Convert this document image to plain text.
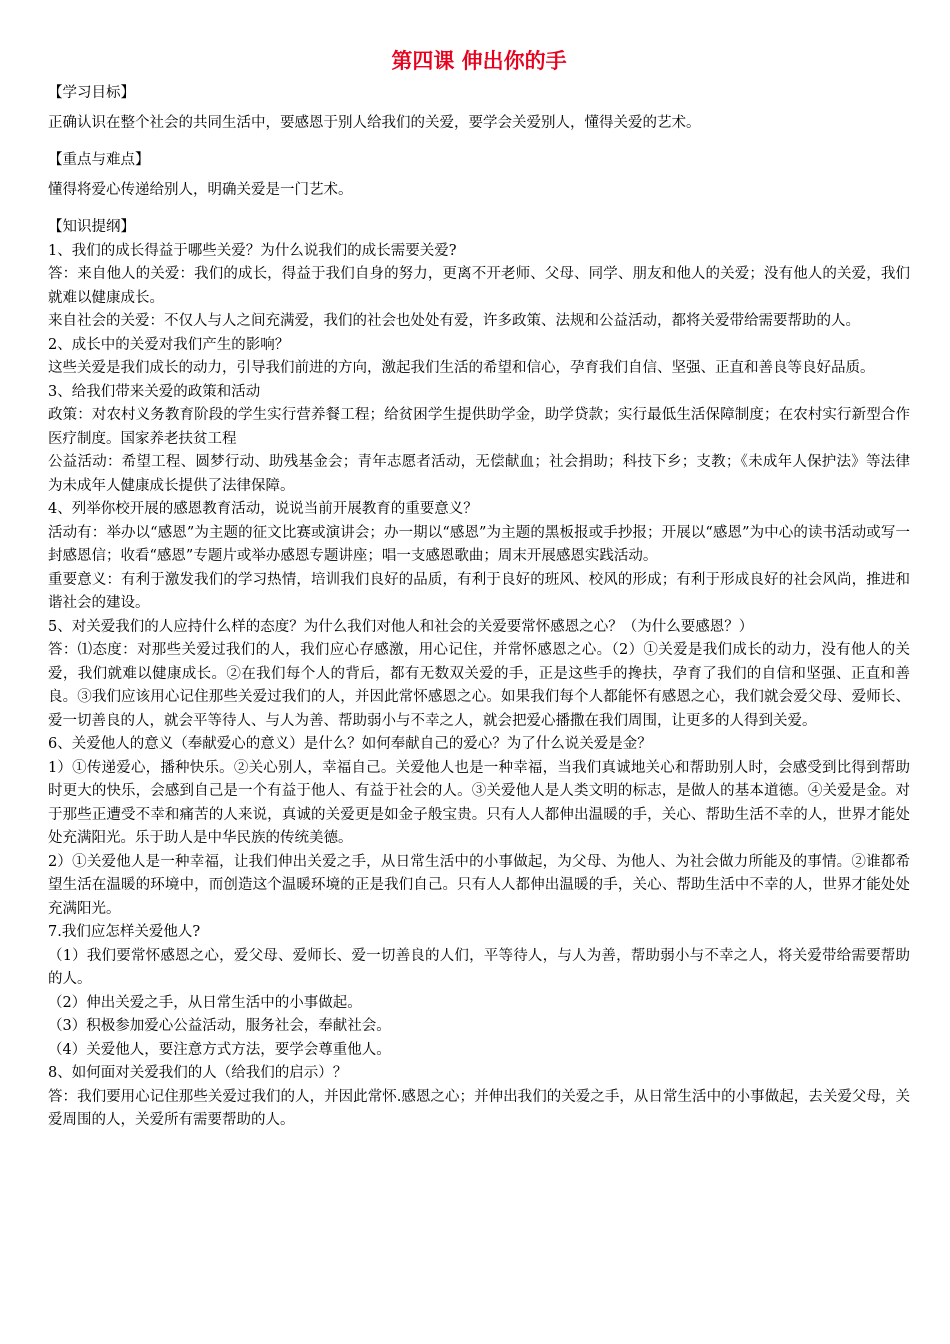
第四课 伸出你的手

【学习目标】

正确认识在整个社会的共同生活中，要感恩于别人给我们的关爱，要学会关爱别人，懂得关爱的艺术。

【重点与难点】

懂得将爱心传递给别人，明确关爱是一门艺术。

【知识提纲】

1、我们的成长得益于哪些关爱？为什么说我们的成长需要关爱?

答：来自他人的关爱：我们的成长，得益于我们自身的努力，更离不开老师、父母、同学、朋友和他人的关爱；没有他人的关爱，我们就难以健康成长。

来自社会的关爱：不仅人与人之间充满爱，我们的社会也处处有爱，许多政策、法规和公益活动，都将关爱带给需要帮助的人。

2、成长中的关爱对我们产生的影响？

这些关爱是我们成长的动力，引导我们前进的方向，激起我们生活的希望和信心，孕育我们自信、坚强、正直和善良等良好品质。

3、给我们带来关爱的政策和活动

政策：对农村义务教育阶段的学生实行营养餐工程；给贫困学生提供助学金，助学贷款；实行最低生活保障制度；在农村实行新型合作医疗制度。国家养老扶贫工程

公益活动：希望工程、圆梦行动、助残基金会；青年志愿者活动，无偿献血；社会捐助；科技下乡；支教；《未成年人保护法》等法律为未成年人健康成长提供了法律保障。

4、列举你校开展的感恩教育活动，说说当前开展教育的重要意义？

活动有：举办以“感恩”为主题的征文比赛或演讲会；办一期以“感恩”为主题的黑板报或手抄报；开展以“感恩”为中心的读书活动或写一封感恩信；收看“感恩”专题片或举办感恩专题讲座；唱一支感恩歌曲；周末开展感恩实践活动。

重要意义：有利于激发我们的学习热情，培训我们良好的品质，有利于良好的班风、校风的形成；有利于形成良好的社会风尚，推进和谐社会的建设。

5、对关爱我们的人应持什么样的态度？为什么我们对他人和社会的关爱要常怀感恩之心？（为什么要感恩？）

答：⑴态度：对那些关爱过我们的人，我们应心存感激，用心记住，并常怀感恩之心。（2）①关爱是我们成长的动力，没有他人的关爱，我们就难以健康成长。②在我们每个人的背后，都有无数双关爱的手，正是这些手的搀扶，孕育了我们的自信和坚强、正直和善良。③我们应该用心记住那些关爱过我们的人，并因此常怀感恩之心。如果我们每个人都能怀有感恩之心，我们就会爱父母、爱师长、爱一切善良的人，就会平等待人、与人为善、帮助弱小与不幸之人，就会把爱心播撒在我们周围，让更多的人得到关爱。

6、关爱他人的意义（奉献爱心的意义）是什么？如何奉献自己的爱心？为了什么说关爱是金？

1）①传递爱心，播种快乐。②关心别人，幸福自己。关爱他人也是一种幸福，当我们真诚地关心和帮助别人时，会感受到比得到帮助时更大的快乐，会感到自己是一个有益于他人、有益于社会的人。③关爱他人是人类文明的标志，是做人的基本道德。④关爱是金。对于那些正遭受不幸和痛苦的人来说，真诚的关爱更是如金子般宝贵。只有人人都伸出温暖的手，关心、帮助生活不幸的人，世界才能处处充满阳光。乐于助人是中华民族的传统美德。

2）①关爱他人是一种幸福，让我们伸出关爱之手，从日常生活中的小事做起，为父母、为他人、为社会做力所能及的事情。②谁都希望生活在温暖的环境中，而创造这个温暖环境的正是我们自己。只有人人都伸出温暖的手，关心、帮助生活中不幸的人，世界才能处处充满阳光。

7.我们应怎样关爱他人?

（1）我们要常怀感恩之心，爱父母、爱师长、爱一切善良的人们，平等待人，与人为善，帮助弱小与不幸之人，将关爱带给需要帮助的人。

（2）伸出关爱之手，从日常生活中的小事做起。

（3）积极参加爱心公益活动，服务社会，奉献社会。

（4）关爱他人，要注意方式方法，要学会尊重他人。

8、如何面对关爱我们的人（给我们的启示）？

答：我们要用心记住那些关爱过我们的人，并因此常怀.感恩之心；并伸出我们的关爱之手，从日常生活中的小事做起，去关爱父母，关爱周围的人，关爱所有需要帮助的人。
